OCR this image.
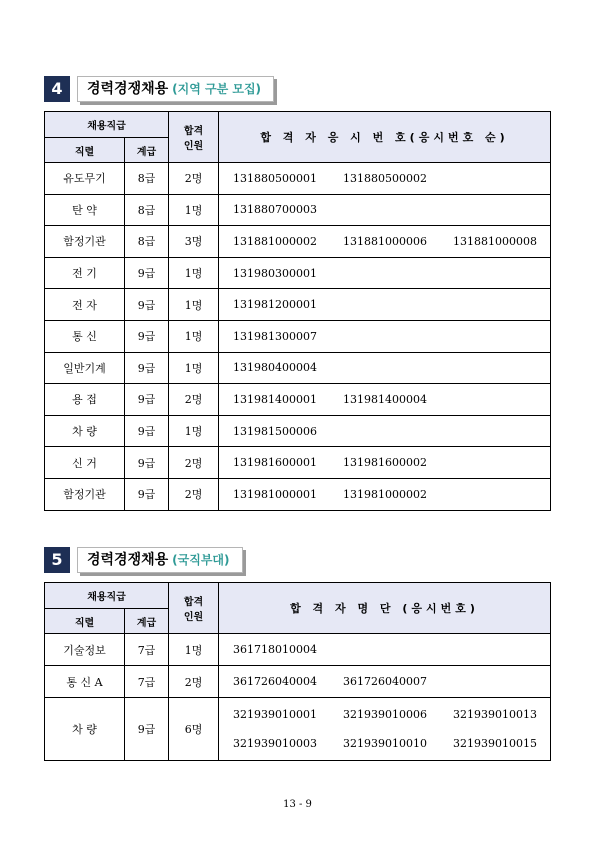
4	경력경쟁채용 (지역 구분 모집)
채용직급		합격
인원	합 격 자 응 시 번 호(응시번호 순)
직렬	계급		
유도무기	8급	2명	131880500001 131880500002
탄 약	8급	1명	131880700003
함정기관	8급	3명	131881000002 131881000006 131881000008
전 기	9급	1명	131980300001
전 자	9급	1명	131981200001
통 신	9급	1명	131981300007
일반기계	9급	1명	131980400004
용 접	9급	2명	131981400001 131981400004
차 량	9급	1명	131981500006
신 거	9급	2명	131981600001 131981600002
함정기관	9급	2명	131981000001 131981000002
5	경력경쟁채용 (국직부대)
채용직급		합격
인원	합 격 자 명 단 (응시번호)
직렬	계급		
기술정보	7급	1명	361718010004

통 신 A	7급	2명	361726040004 361726040007

차 량	9급	6명	321939010001 321939010006 321939010013
321939010003 321939010010 321939010015
13 - 9
